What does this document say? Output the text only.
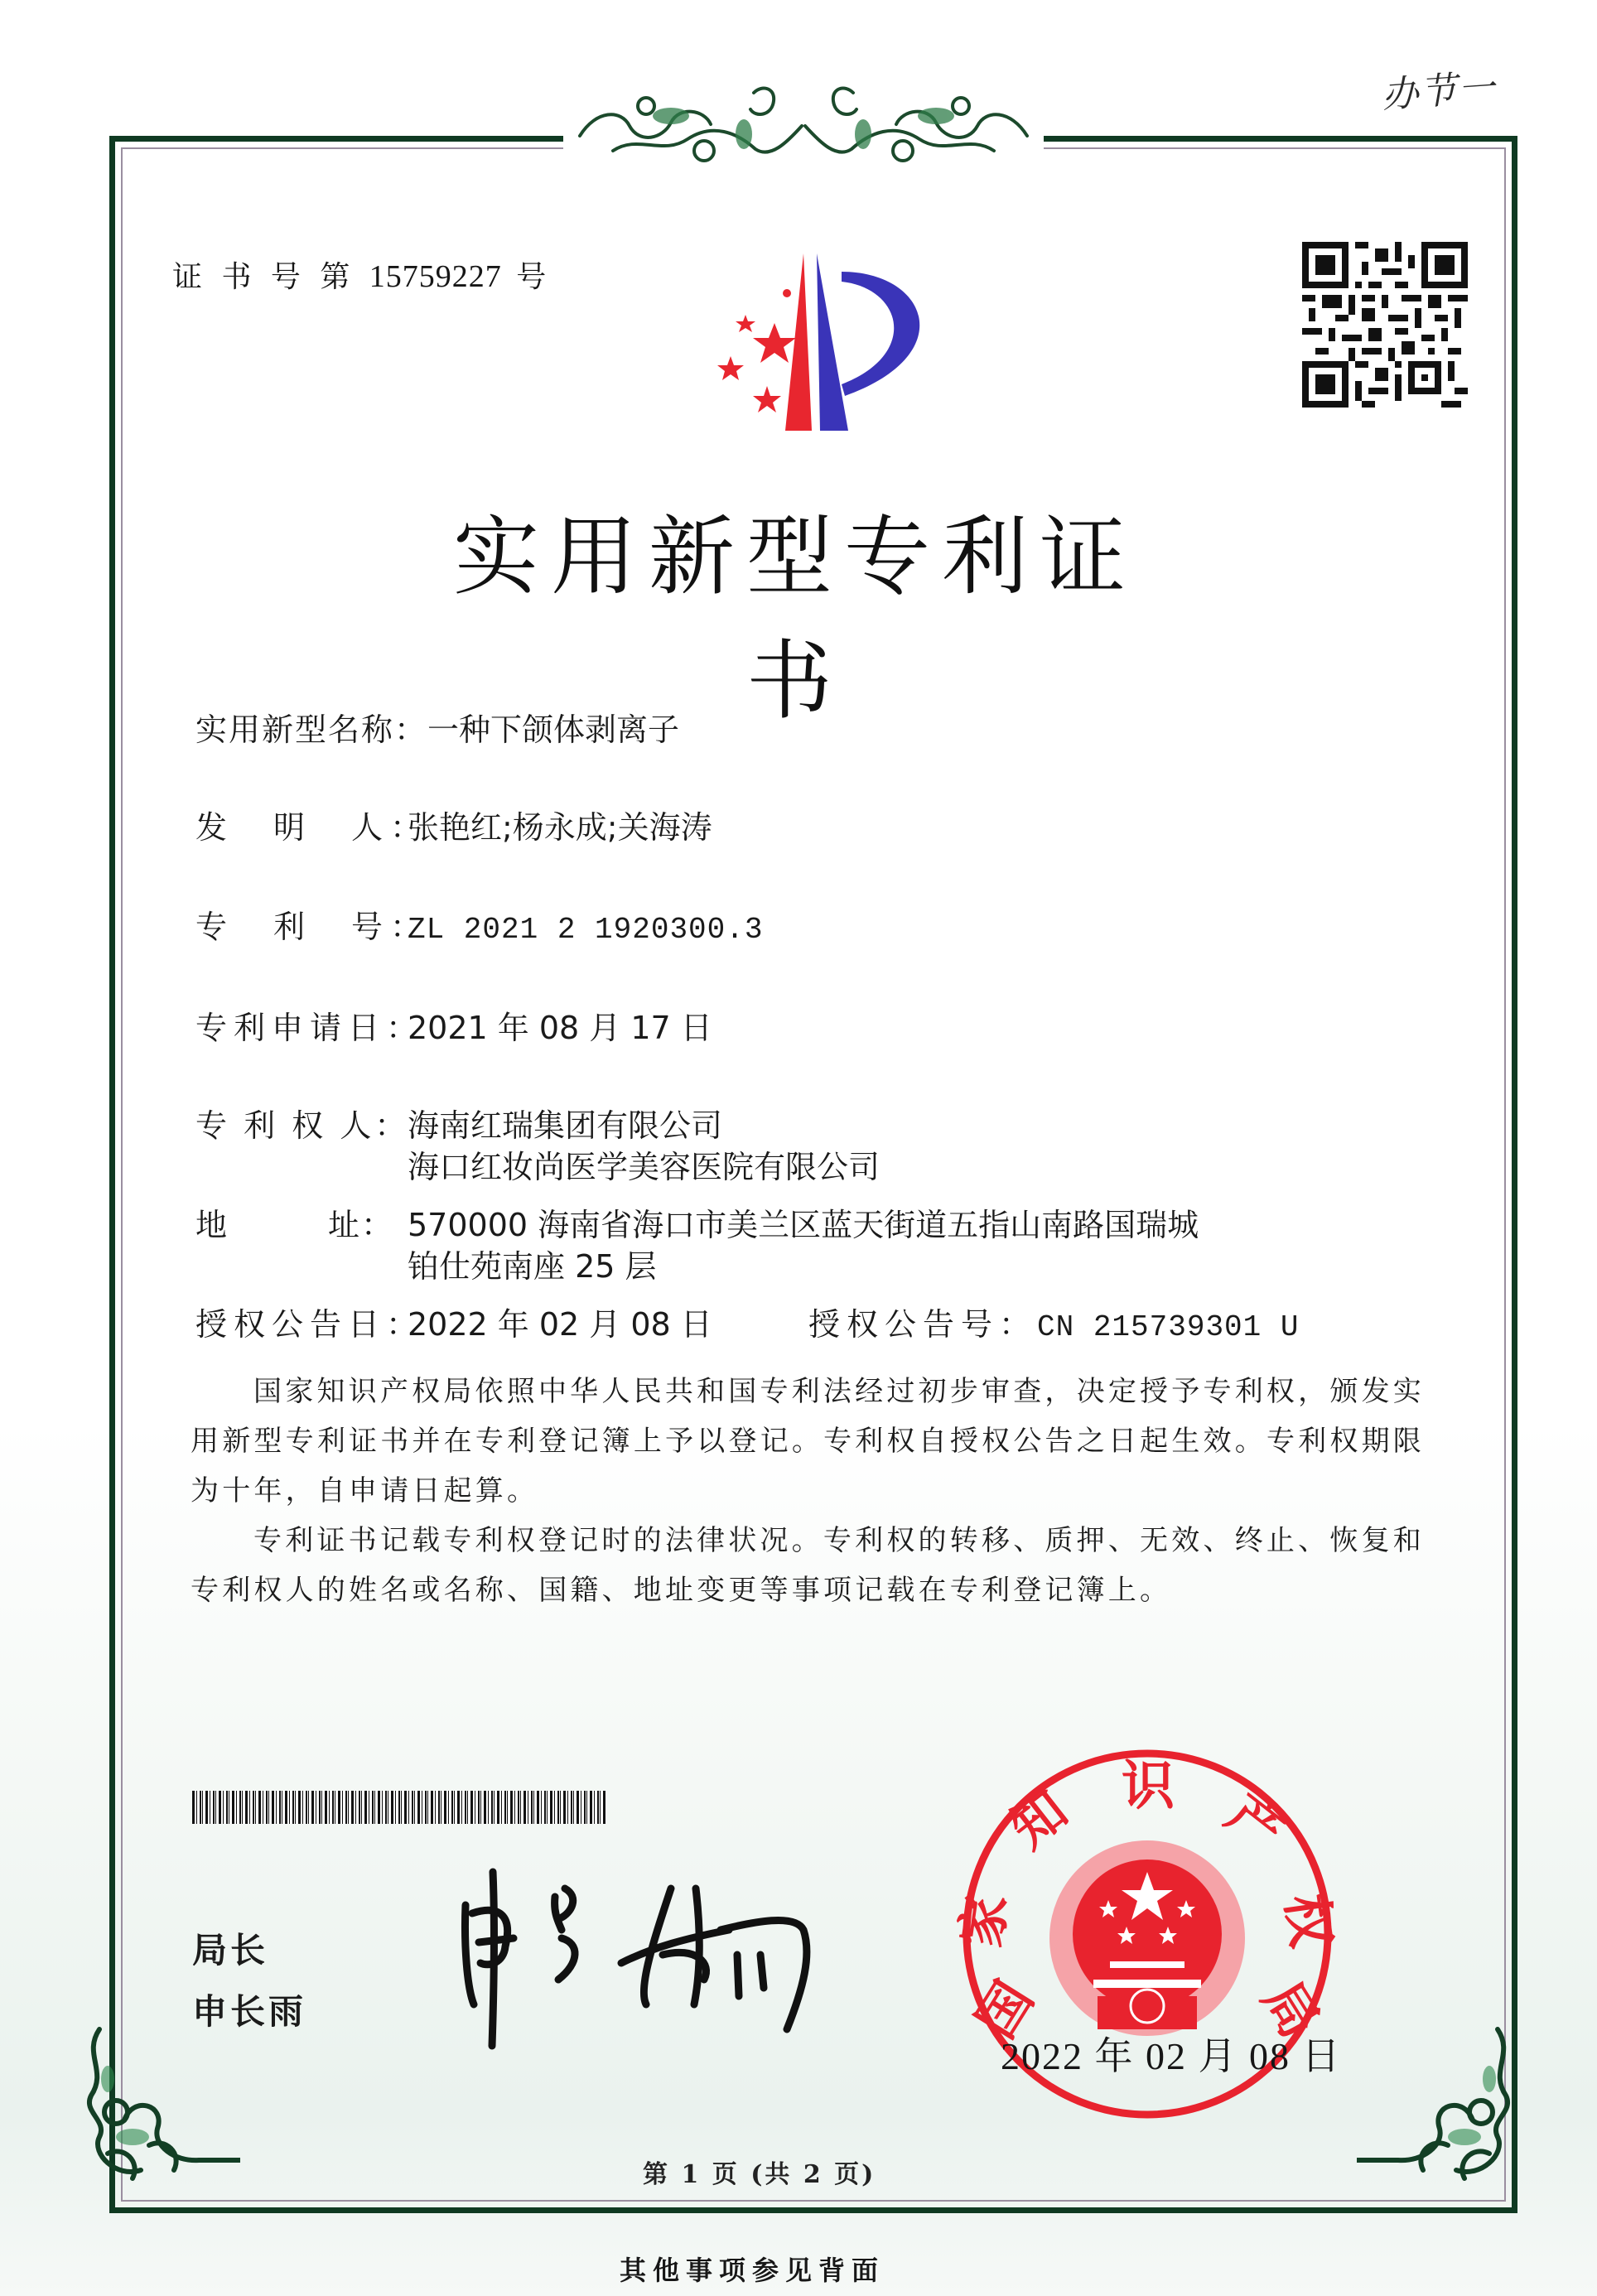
办节一
证 书 号 第 15759227 号
实用新型专利证书
实用新型名称：一种下颌体剥离子
发　明　人：张艳红;杨永成;关海涛
专　利　号：ZL 2021 2 1920300.3
专利申请日：2021 年 08 月 17 日
专 利 权 人：海南红瑞集团有限公司
海口红妆尚医学美容医院有限公司
地　　　址： 570000 海南省海口市美兰区蓝天街道五指山南路国瑞城
铂仕苑南座 25 层
授权公告日：2022 年 02 月 08 日	授权公告号：CN 215739301 U

国家知识产权局依照中华人民共和国专利法经过初步审查，决定授予专利权，颁发实用新型专利证书并在专利登记簿上予以登记。专利权自授权公告之日起生效。专利权期限为十年，自申请日起算。

专利证书记载专利权登记时的法律状况。专利权的转移、质押、无效、终止、恢复和专利权人的姓名或名称、国籍、地址变更等事项记载在专利登记簿上。

局长
申长雨	国
家
知 识 产
权
局
2022 年 02 月 08 日
第 1 页 (共 2 页)
其他事项参见背面
